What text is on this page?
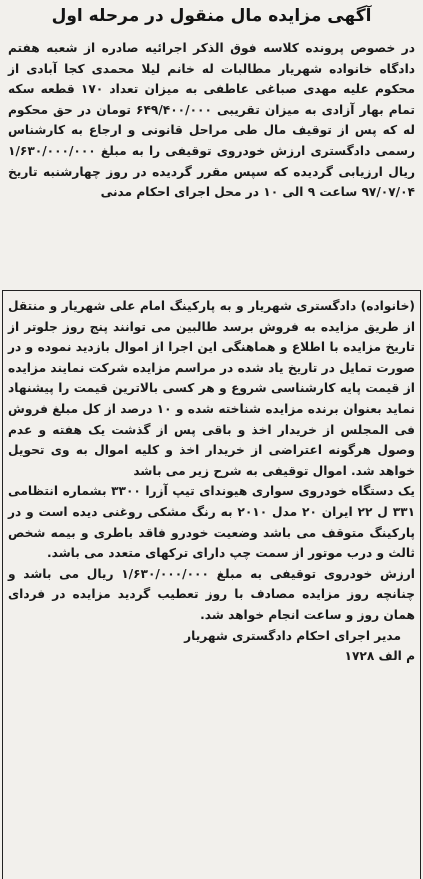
آگهی مزایده مال منقول در مرحله اول

در خصوص پرونده کلاسه فوق الذکر اجرائیه صادره از شعبه هفتم دادگاه خانواده شهریار مطالبات له خانم لیلا محمدی کجا آبادی از محکوم علیه مهدی صباغی عاطفی به میزان تعداد ۱۷۰ قطعه سکه تمام بهار آزادی به میزان تقریبی ۶۴۹/۴۰۰/۰۰۰ تومان در حق محکوم له که پس از توقیف مال طی مراحل قانونی و ارجاع به کارشناس رسمی دادگستری ارزش خودروی توقیفی را به مبلغ ۱/۶۳۰/۰۰۰/۰۰۰ ریال ارزیابی گردیده که سپس مقرر گردیده در روز چهارشنبه تاریخ ۹۷/۰۷/۰۴ ساعت ۹ الی ۱۰ در محل اجرای احکام مدنی

(خانواده) دادگستری شهریار و به پارکینگ امام علی شهریار و منتقل از طریق مزایده به فروش برسد طالبین می توانند پنج روز جلوتر از تاریخ مزایده با اطلاع و هماهنگی این اجرا از اموال بازدید نموده و در صورت تمایل در تاریخ یاد شده در مراسم مزایده شرکت نمایند مزایده از قیمت پایه کارشناسی شروع و هر کسی بالاترین قیمت را پیشنهاد نماید بعنوان برنده مزایده شناخته شده و ۱۰ درصد از کل مبلغ فروش فی المجلس از خریدار اخذ و باقی پس از گذشت یک هفته و عدم وصول هرگونه اعتراضی از خریدار اخذ و کلیه اموال به وی تحویل خواهد شد. اموال توقیفی به شرح زیر می باشد

یک دستگاه خودروی سواری هیوندای تیپ آزرا ۳۳۰۰ بشماره انتظامی ۳۳۱ ل ۲۲ ایران ۲۰ مدل ۲۰۱۰ به رنگ مشکی روغنی دیده است و در پارکینگ متوقف می باشد وضعیت خودرو فاقد باطری و بیمه شخص ثالث و درب موتور از سمت چپ دارای ترکهای متعدد می باشد.

ارزش خودروی توقیفی به مبلغ ۱/۶۳۰/۰۰۰/۰۰۰ ریال می باشد و چنانچه روز مزایده مصادف با روز تعطیب گردید مزایده در فردای همان روز و ساعت انجام خواهد شد.

مدیر اجرای احکام دادگستری شهریار

م الف ۱۷۲۸
